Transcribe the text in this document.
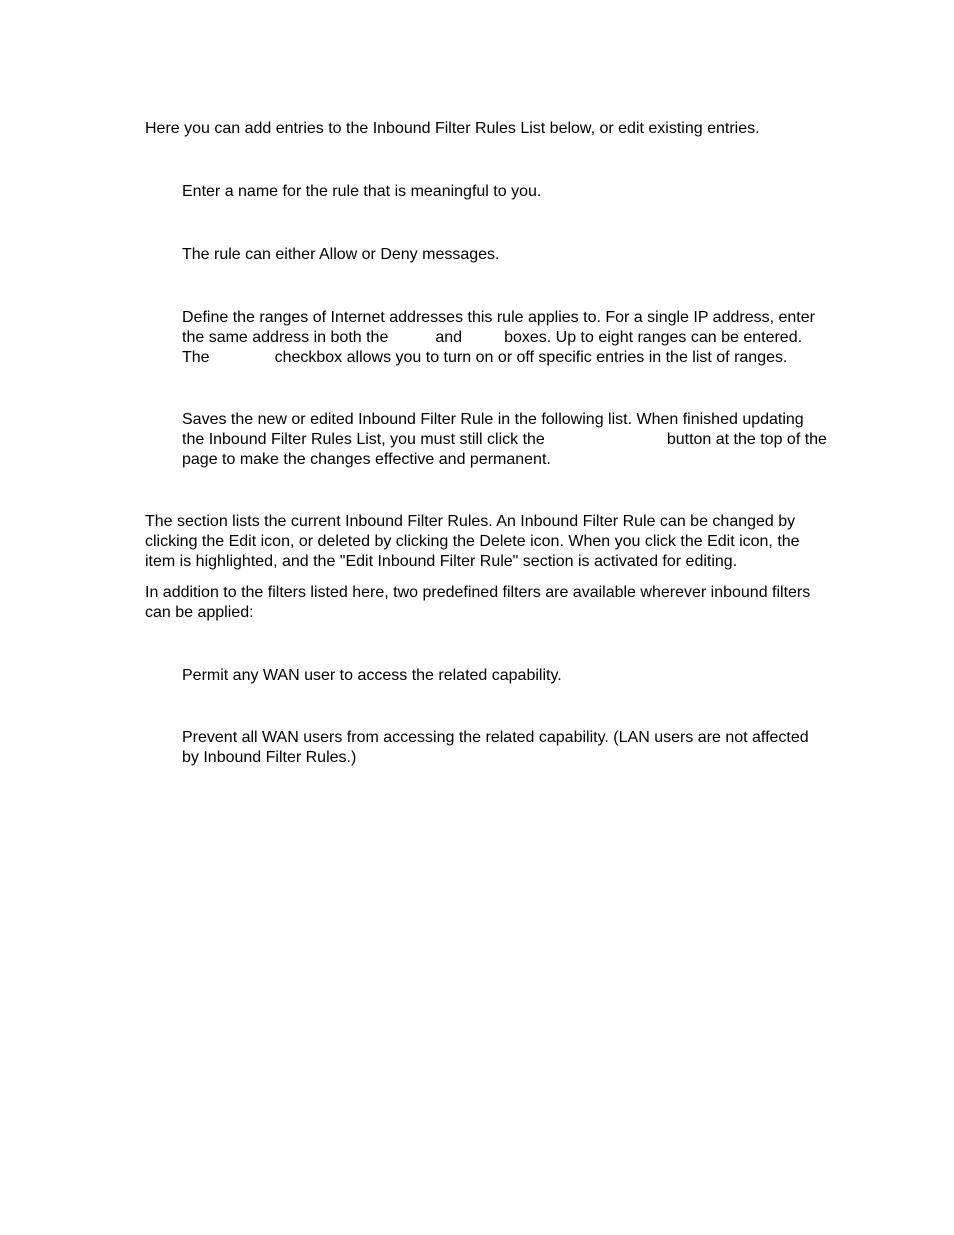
Here you can add entries to the Inbound Filter Rules List below, or edit existing entries.

Enter a name for the rule that is meaningful to you.

The rule can either Allow or Deny messages.

Define the ranges of Internet addresses this rule applies to. For a single IP address, enter
the same address in both the	and	boxes. Up to eight ranges can be entered.
The	checkbox allows you to turn on or off specific entries in the list of ranges.
Saves the new or edited Inbound Filter Rule in the following list. When finished updating
the Inbound Filter Rules List, you must still click the	button at the top of the
page to make the changes effective and permanent.
The section lists the current Inbound Filter Rules. An Inbound Filter Rule can be changed by
clicking the Edit icon, or deleted by clicking the Delete icon. When you click the Edit icon, the
item is highlighted, and the "Edit Inbound Filter Rule" section is activated for editing.
In addition to the filters listed here, two predefined filters are available wherever inbound filters
can be applied:

Permit any WAN user to access the related capability.

Prevent all WAN users from accessing the related capability. (LAN users are not affected
by Inbound Filter Rules.)
